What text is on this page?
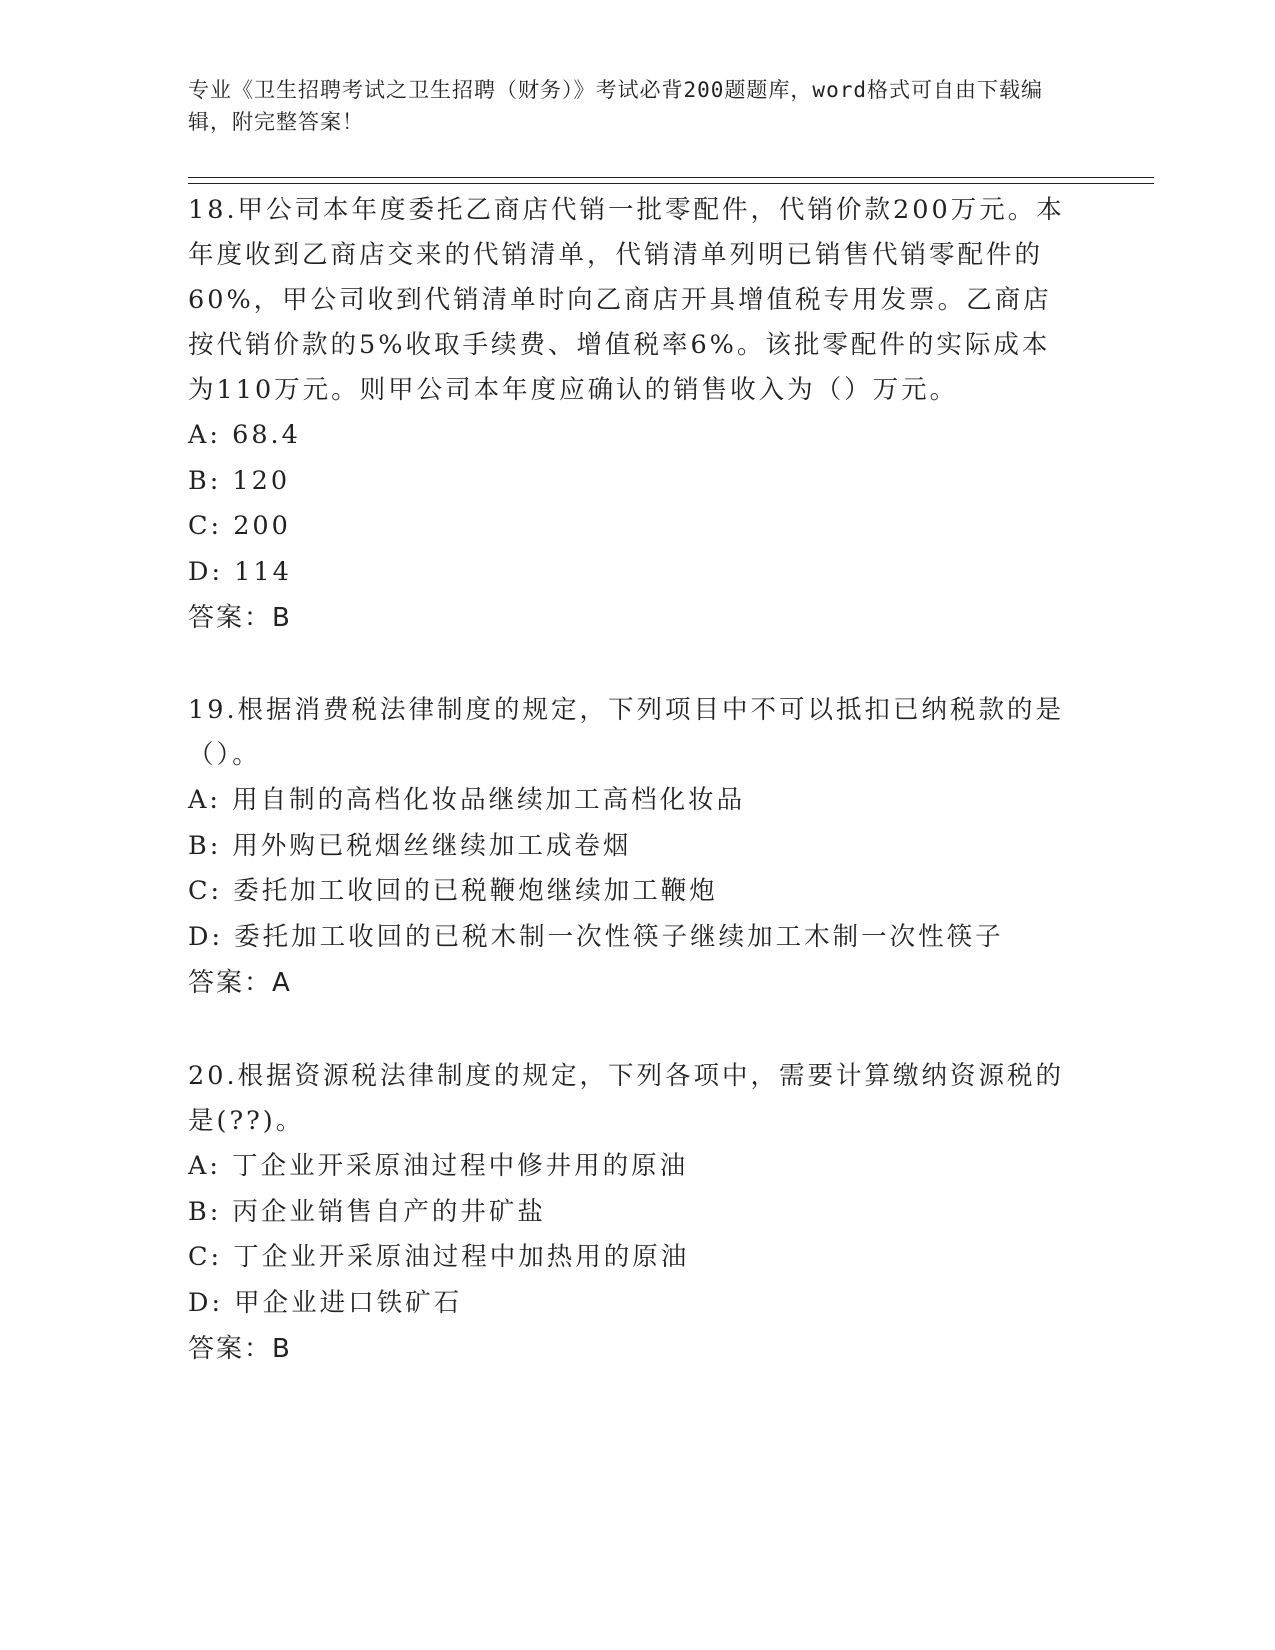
专业《卫生招聘考试之卫生招聘（财务）》考试必背200题题库，word格式可自由下载编辑，附完整答案！

18.甲公司本年度委托乙商店代销一批零配件，代销价款200万元。本年度收到乙商店交来的代销清单，代销清单列明已销售代销零配件的60%，甲公司收到代销清单时向乙商店开具增值税专用发票。乙商店按代销价款的5%收取手续费、增值税率6%。该批零配件的实际成本为110万元。则甲公司本年度应确认的销售收入为（）万元。

A: 68.4

B: 120

C: 200

D: 114

答案：B

19.根据消费税法律制度的规定，下列项目中不可以抵扣已纳税款的是（）。

A: 用自制的高档化妆品继续加工高档化妆品

B: 用外购已税烟丝继续加工成卷烟

C: 委托加工收回的已税鞭炮继续加工鞭炮

D: 委托加工收回的已税木制一次性筷子继续加工木制一次性筷子

答案：A

20.根据资源税法律制度的规定，下列各项中，需要计算缴纳资源税的是(??)。

A: 丁企业开采原油过程中修井用的原油

B: 丙企业销售自产的井矿盐

C: 丁企业开采原油过程中加热用的原油

D: 甲企业进口铁矿石

答案：B
